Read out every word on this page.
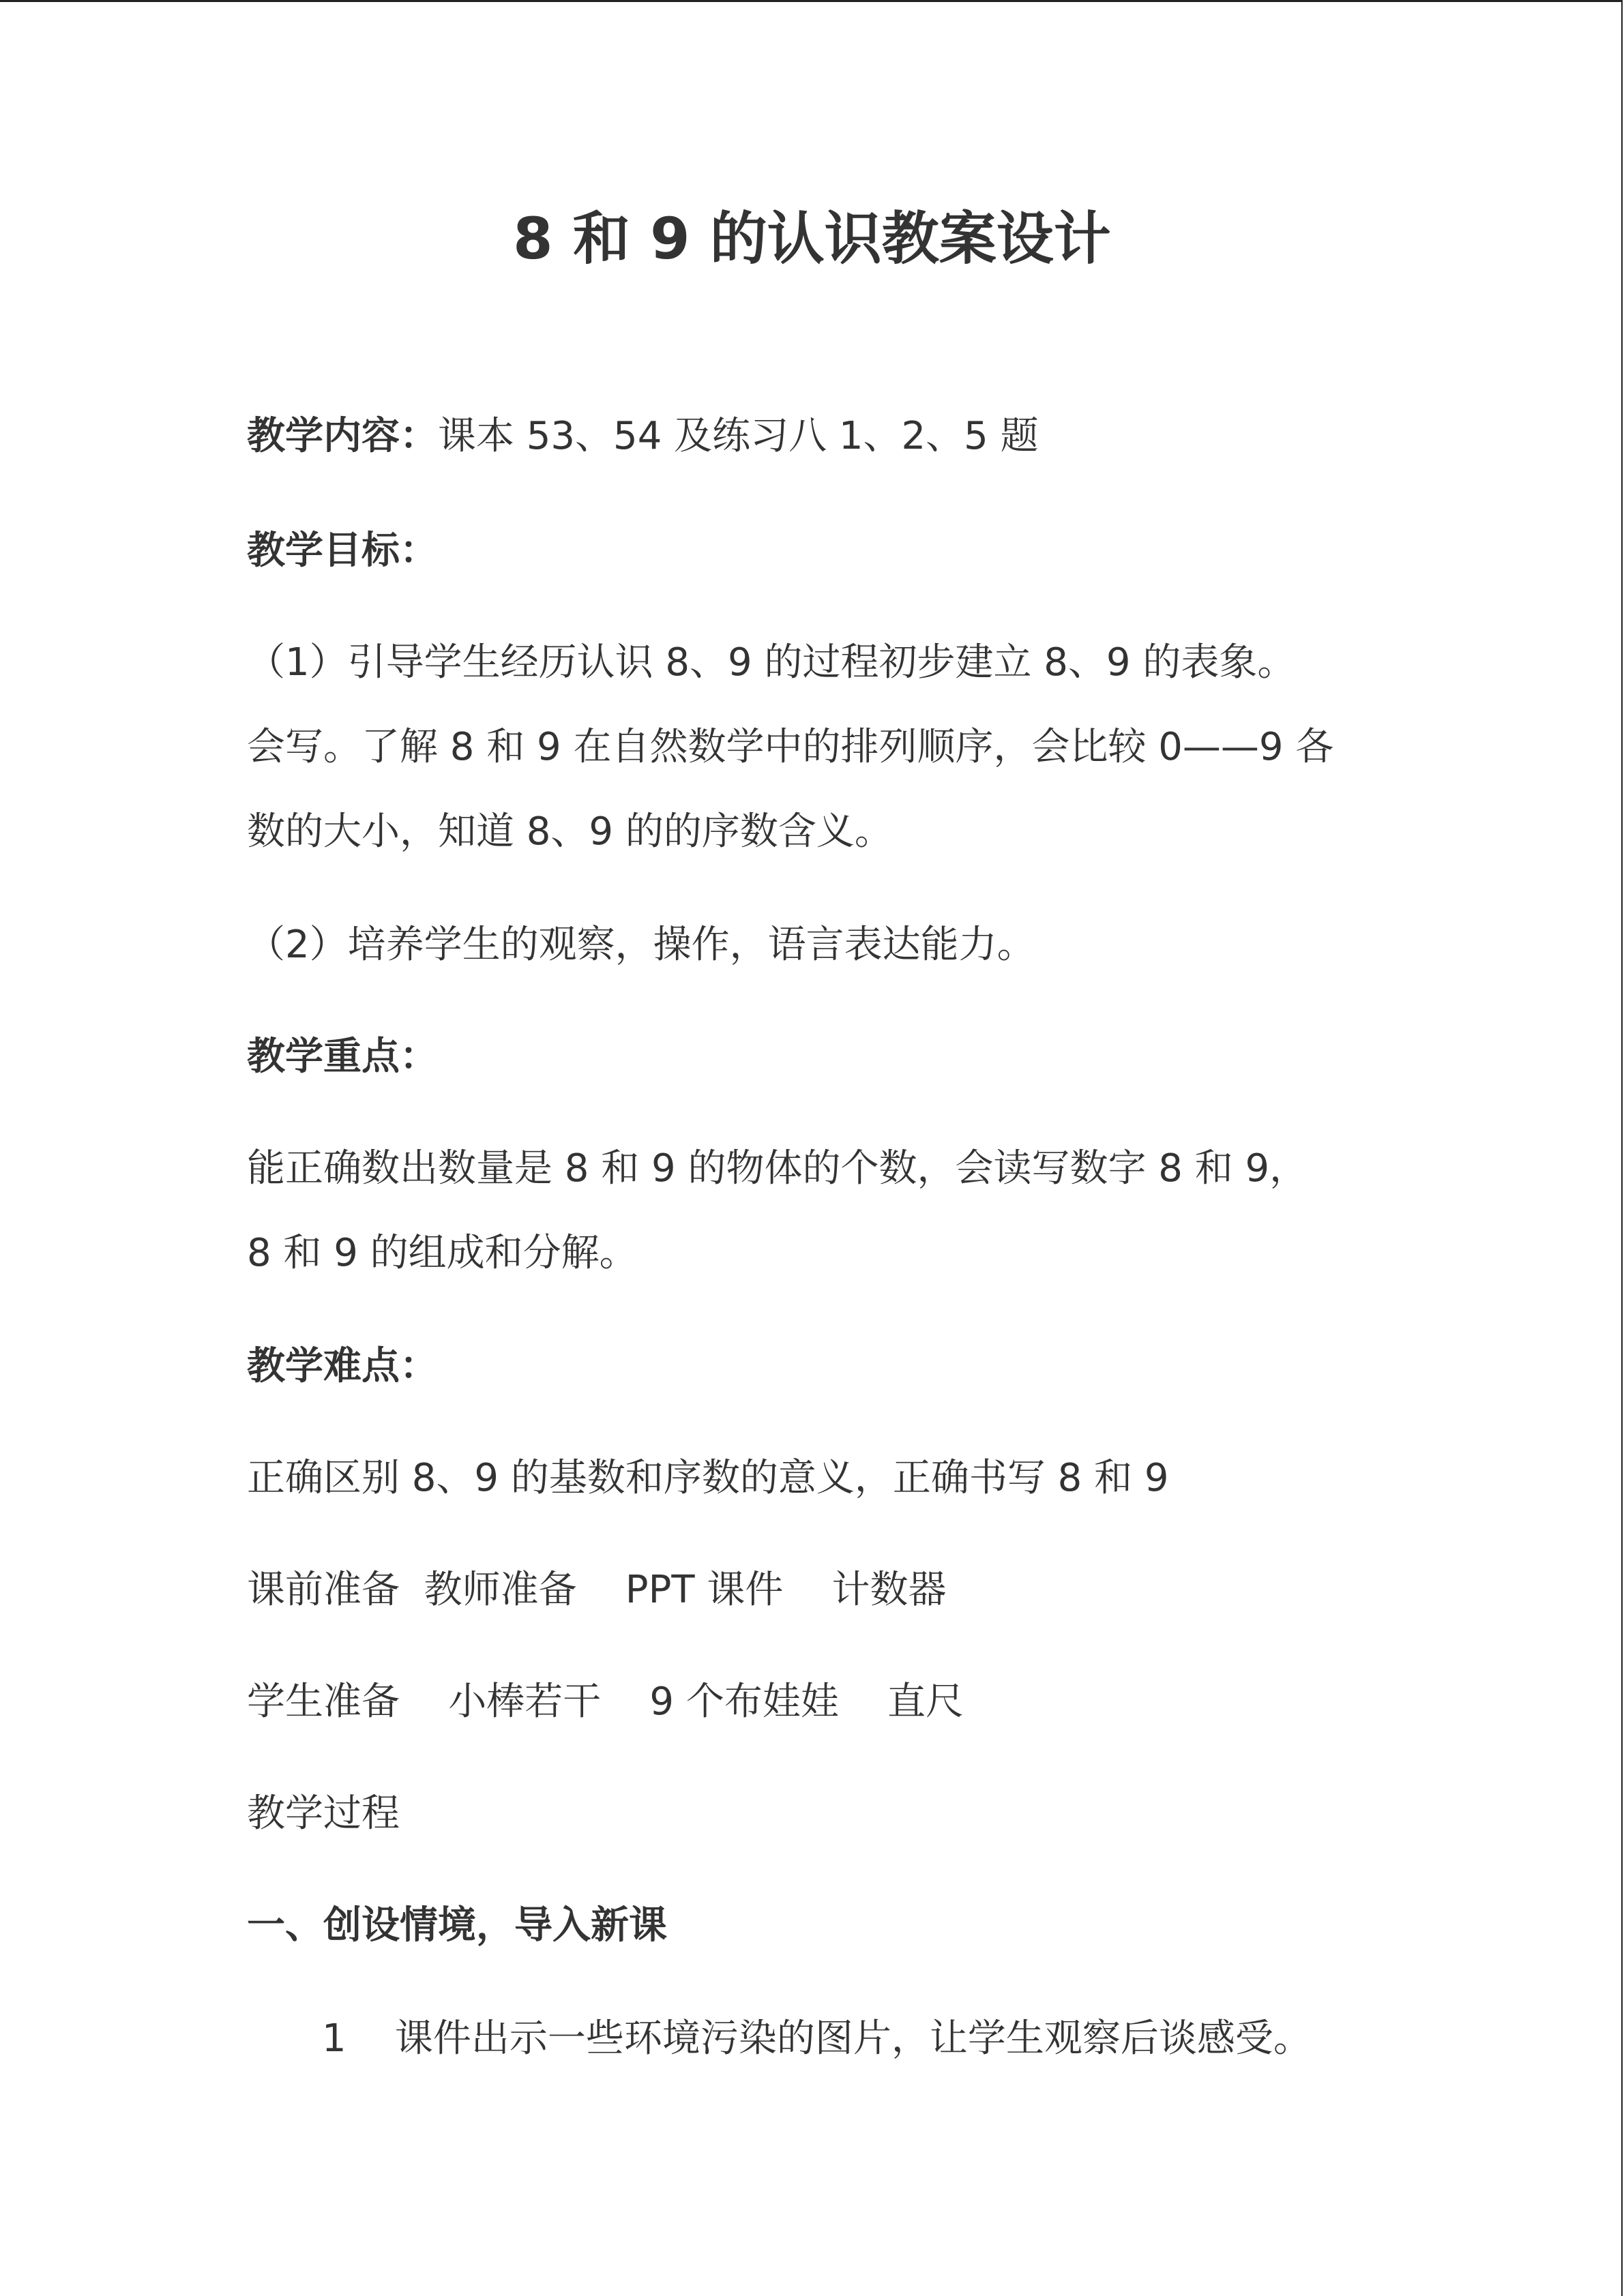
8 和 9 的认识教案设计
教学内容：课本 53、54 及练习八 1、2、5 题
教学目标：
（1）引导学生经历认识 8、9 的过程初步建立 8、9 的表象。
会写。了解 8 和 9 在自然数学中的排列顺序，会比较 0——9 各
数的大小，知道 8、9 的的序数含义。
（2）培养学生的观察，操作，语言表达能力。
教学重点：
能正确数出数量是 8 和 9 的物体的个数，会读写数字 8 和 9，
8 和 9 的组成和分解。
教学难点：
正确区别 8、9 的基数和序数的意义，正确书写 8 和 9
课前准备  教师准备    PPT 课件    计数器
学生准备    小棒若干    9 个布娃娃    直尺
教学过程
一、创设情境，导入新课
1    课件出示一些环境污染的图片，让学生观察后谈感受。
